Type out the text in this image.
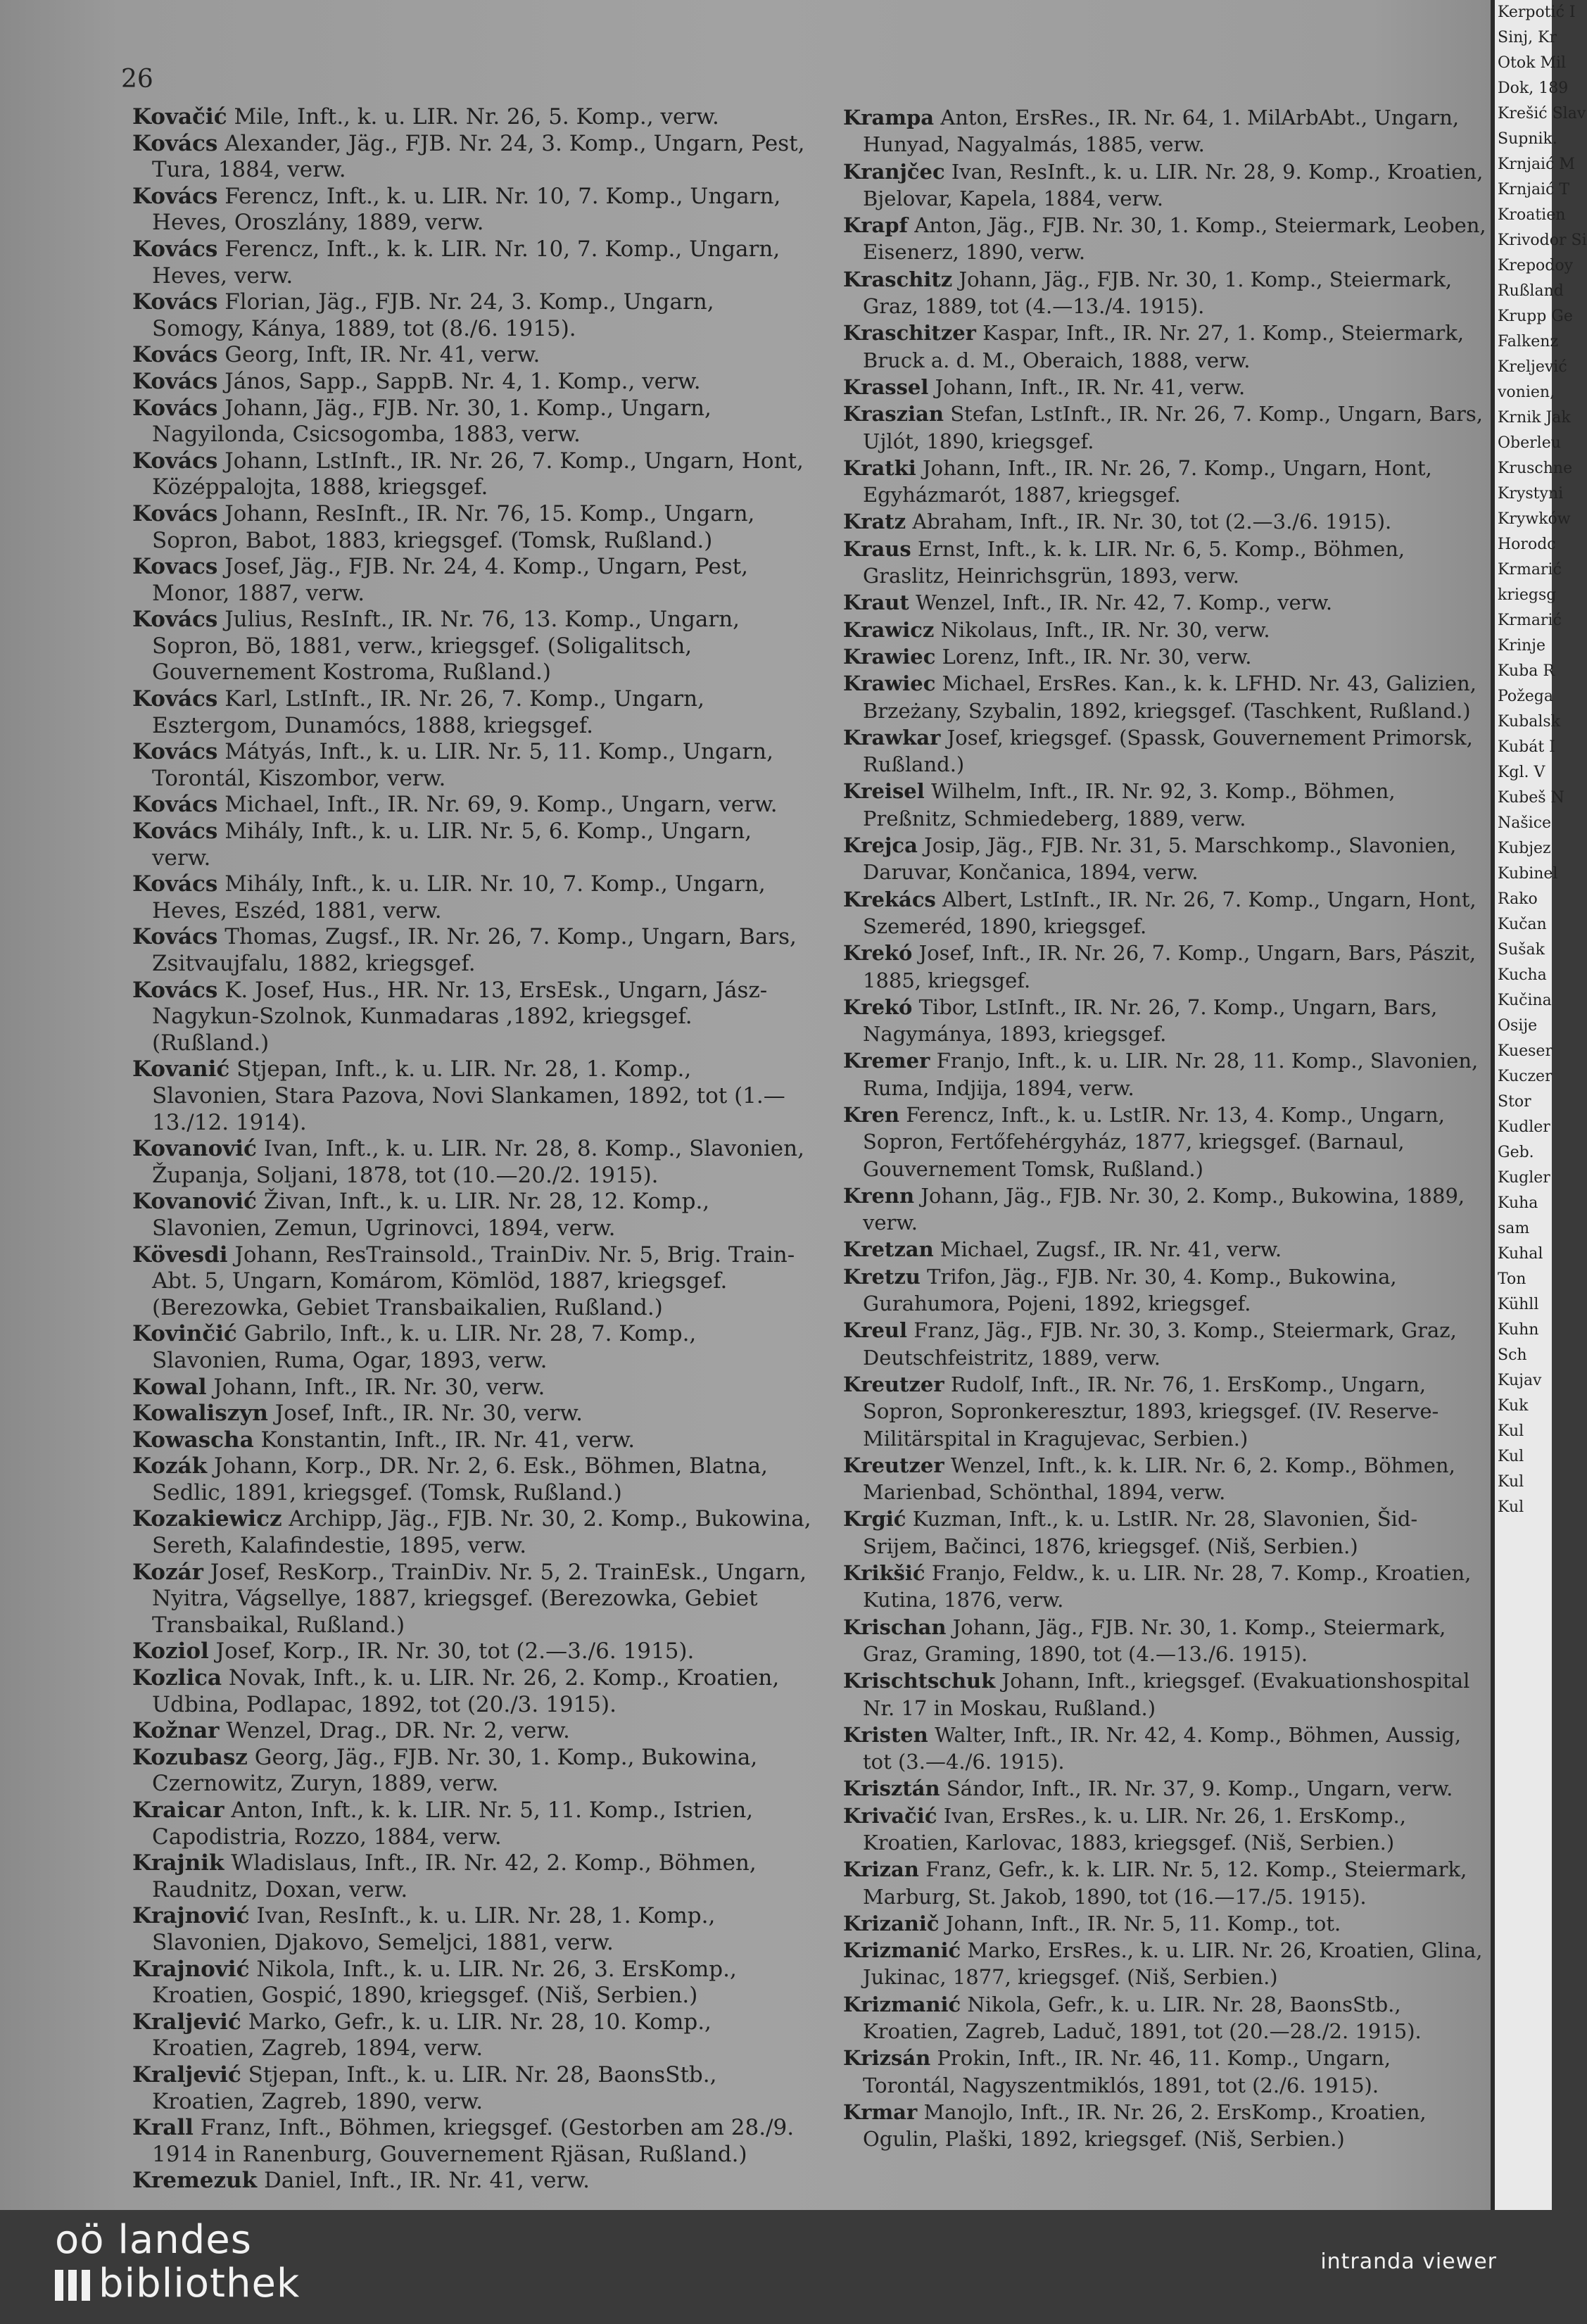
26

Kovačić Mile, Inft., k. u. LIR. Nr. 26, 5. Komp., verw.

Kovács Alexander, Jäg., FJB. Nr. 24, 3. Komp., Ungarn, Pest, Tura, 1884, verw.

Kovács Ferencz, Inft., k. u. LIR. Nr. 10, 7. Komp., Ungarn, Heves, Oroszlány, 1889, verw.

Kovács Ferencz, Inft., k. k. LIR. Nr. 10, 7. Komp., Ungarn, Heves, verw.

Kovács Florian, Jäg., FJB. Nr. 24, 3. Komp., Ungarn, Somogy, Kánya, 1889, tot (8./6. 1915).

Kovács Georg, Inft, IR. Nr. 41, verw.

Kovács János, Sapp., SappB. Nr. 4, 1. Komp., verw.

Kovács Johann, Jäg., FJB. Nr. 30, 1. Komp., Ungarn, Nagyilonda, Csicsogomba, 1883, verw.

Kovács Johann, LstInft., IR. Nr. 26, 7. Komp., Ungarn, Hont, Középpalojta, 1888, kriegsgef.

Kovács Johann, ResInft., IR. Nr. 76, 15. Komp., Ungarn, Sopron, Babot, 1883, kriegsgef. (Tomsk, Rußland.)

Kovacs Josef, Jäg., FJB. Nr. 24, 4. Komp., Ungarn, Pest, Monor, 1887, verw.

Kovács Julius, ResInft., IR. Nr. 76, 13. Komp., Ungarn, Sopron, Bö, 1881, verw., kriegsgef. (Soligalitsch, Gouvernement Kostroma, Rußland.)

Kovács Karl, LstInft., IR. Nr. 26, 7. Komp., Ungarn, Esztergom, Dunamócs, 1888, kriegsgef.

Kovács Mátyás, Inft., k. u. LIR. Nr. 5, 11. Komp., Ungarn, Torontál, Kiszombor, verw.

Kovács Michael, Inft., IR. Nr. 69, 9. Komp., Ungarn, verw.

Kovács Mihály, Inft., k. u. LIR. Nr. 5, 6. Komp., Ungarn, verw.

Kovács Mihály, Inft., k. u. LIR. Nr. 10, 7. Komp., Ungarn, Heves, Eszéd, 1881, verw.

Kovács Thomas, Zugsf., IR. Nr. 26, 7. Komp., Ungarn, Bars, Zsitvaujfalu, 1882, kriegsgef.

Kovács K. Josef, Hus., HR. Nr. 13, ErsEsk., Ungarn, Jász-Nagykun-Szolnok, Kunmadaras ,1892, kriegsgef. (Rußland.)

Kovanić Stjepan, Inft., k. u. LIR. Nr. 28, 1. Komp., Slavonien, Stara Pazova, Novi Slankamen, 1892, tot (1.—13./12. 1914).

Kovanović Ivan, Inft., k. u. LIR. Nr. 28, 8. Komp., Slavonien, Županja, Soljani, 1878, tot (10.—20./2. 1915).

Kovanović Živan, Inft., k. u. LIR. Nr. 28, 12. Komp., Slavonien, Zemun, Ugrinovci, 1894, verw.

Kövesdi Johann, ResTrainsold., TrainDiv. Nr. 5, Brig. Train-Abt. 5, Ungarn, Komárom, Kömlöd, 1887, kriegsgef. (Berezowka, Gebiet Transbaikalien, Rußland.)

Kovinčić Gabrilo, Inft., k. u. LIR. Nr. 28, 7. Komp., Slavonien, Ruma, Ogar, 1893, verw.

Kowal Johann, Inft., IR. Nr. 30, verw.

Kowaliszyn Josef, Inft., IR. Nr. 30, verw.

Kowascha Konstantin, Inft., IR. Nr. 41, verw.

Kozák Johann, Korp., DR. Nr. 2, 6. Esk., Böhmen, Blatna, Sedlic, 1891, kriegsgef. (Tomsk, Rußland.)

Kozakiewicz Archipp, Jäg., FJB. Nr. 30, 2. Komp., Bukowina, Sereth, Kalafindestie, 1895, verw.

Kozár Josef, ResKorp., TrainDiv. Nr. 5, 2. TrainEsk., Ungarn, Nyitra, Vágsellye, 1887, kriegsgef. (Berezowka, Gebiet Transbaikal, Rußland.)

Koziol Josef, Korp., IR. Nr. 30, tot (2.—3./6. 1915).

Kozlica Novak, Inft., k. u. LIR. Nr. 26, 2. Komp., Kroatien, Udbina, Podlapac, 1892, tot (20./3. 1915).

Kožnar Wenzel, Drag., DR. Nr. 2, verw.

Kozubasz Georg, Jäg., FJB. Nr. 30, 1. Komp., Bukowina, Czernowitz, Zuryn, 1889, verw.

Kraicar Anton, Inft., k. k. LIR. Nr. 5, 11. Komp., Istrien, Capodistria, Rozzo, 1884, verw.

Krajnik Wladislaus, Inft., IR. Nr. 42, 2. Komp., Böhmen, Raudnitz, Doxan, verw.

Krajnović Ivan, ResInft., k. u. LIR. Nr. 28, 1. Komp., Slavonien, Djakovo, Semeljci, 1881, verw.

Krajnović Nikola, Inft., k. u. LIR. Nr. 26, 3. ErsKomp., Kroatien, Gospić, 1890, kriegsgef. (Niš, Serbien.)

Kraljević Marko, Gefr., k. u. LIR. Nr. 28, 10. Komp., Kroatien, Zagreb, 1894, verw.

Kraljević Stjepan, Inft., k. u. LIR. Nr. 28, BaonsStb., Kroatien, Zagreb, 1890, verw.

Krall Franz, Inft., Böhmen, kriegsgef. (Gestorben am 28./9. 1914 in Ranenburg, Gouvernement Rjäsan, Rußland.)

Kremezuk Daniel, Inft., IR. Nr. 41, verw.

Krampa Anton, ErsRes., IR. Nr. 64, 1. MilArbAbt., Ungarn, Hunyad, Nagyalmás, 1885, verw.

Kranjčec Ivan, ResInft., k. u. LIR. Nr. 28, 9. Komp., Kroatien, Bjelovar, Kapela, 1884, verw.

Krapf Anton, Jäg., FJB. Nr. 30, 1. Komp., Steiermark, Leoben, Eisenerz, 1890, verw.

Kraschitz Johann, Jäg., FJB. Nr. 30, 1. Komp., Steiermark, Graz, 1889, tot (4.—13./4. 1915).

Kraschitzer Kaspar, Inft., IR. Nr. 27, 1. Komp., Steiermark, Bruck a. d. M., Oberaich, 1888, verw.

Krassel Johann, Inft., IR. Nr. 41, verw.

Kraszian Stefan, LstInft., IR. Nr. 26, 7. Komp., Ungarn, Bars, Ujlót, 1890, kriegsgef.

Kratki Johann, Inft., IR. Nr. 26, 7. Komp., Ungarn, Hont, Egyházmarót, 1887, kriegsgef.

Kratz Abraham, Inft., IR. Nr. 30, tot (2.—3./6. 1915).

Kraus Ernst, Inft., k. k. LIR. Nr. 6, 5. Komp., Böhmen, Graslitz, Heinrichsgrün, 1893, verw.

Kraut Wenzel, Inft., IR. Nr. 42, 7. Komp., verw.

Krawicz Nikolaus, Inft., IR. Nr. 30, verw.

Krawiec Lorenz, Inft., IR. Nr. 30, verw.

Krawiec Michael, ErsRes. Kan., k. k. LFHD. Nr. 43, Galizien, Brzeżany, Szybalin, 1892, kriegsgef. (Taschkent, Rußland.)

Krawkar Josef, kriegsgef. (Spassk, Gouvernement Primorsk, Rußland.)

Kreisel Wilhelm, Inft., IR. Nr. 92, 3. Komp., Böhmen, Preßnitz, Schmiedeberg, 1889, verw.

Krejca Josip, Jäg., FJB. Nr. 31, 5. Marschkomp., Slavonien, Daruvar, Končanica, 1894, verw.

Krekács Albert, LstInft., IR. Nr. 26, 7. Komp., Ungarn, Hont, Szemeréd, 1890, kriegsgef.

Krekó Josef, Inft., IR. Nr. 26, 7. Komp., Ungarn, Bars, Pászit, 1885, kriegsgef.

Krekó Tibor, LstInft., IR. Nr. 26, 7. Komp., Ungarn, Bars, Nagymánya, 1893, kriegsgef.

Kremer Franjo, Inft., k. u. LIR. Nr. 28, 11. Komp., Slavonien, Ruma, Indjija, 1894, verw.

Kren Ferencz, Inft., k. u. LstIR. Nr. 13, 4. Komp., Ungarn, Sopron, Fertőfehérgyház, 1877, kriegsgef. (Barnaul, Gouvernement Tomsk, Rußland.)

Krenn Johann, Jäg., FJB. Nr. 30, 2. Komp., Bukowina, 1889, verw.

Kretzan Michael, Zugsf., IR. Nr. 41, verw.

Kretzu Trifon, Jäg., FJB. Nr. 30, 4. Komp., Bukowina, Gurahumora, Pojeni, 1892, kriegsgef.

Kreul Franz, Jäg., FJB. Nr. 30, 3. Komp., Steiermark, Graz, Deutschfeistritz, 1889, verw.

Kreutzer Rudolf, Inft., IR. Nr. 76, 1. ErsKomp., Ungarn, Sopron, Sopronkeresztur, 1893, kriegsgef. (IV. Reserve-Militärspital in Kragujevac, Serbien.)

Kreutzer Wenzel, Inft., k. k. LIR. Nr. 6, 2. Komp., Böhmen, Marienbad, Schönthal, 1894, verw.

Krgić Kuzman, Inft., k. u. LstIR. Nr. 28, Slavonien, Šid-Srijem, Bačinci, 1876, kriegsgef. (Niš, Serbien.)

Krikšić Franjo, Feldw., k. u. LIR. Nr. 28, 7. Komp., Kroatien, Kutina, 1876, verw.

Krischan Johann, Jäg., FJB. Nr. 30, 1. Komp., Steiermark, Graz, Graming, 1890, tot (4.—13./6. 1915).

Krischtschuk Johann, Inft., kriegsgef. (Evakuationshospital Nr. 17 in Moskau, Rußland.)

Kristen Walter, Inft., IR. Nr. 42, 4. Komp., Böhmen, Aussig, tot (3.—4./6. 1915).

Krisztán Sándor, Inft., IR. Nr. 37, 9. Komp., Ungarn, verw.

Krivačić Ivan, ErsRes., k. u. LIR. Nr. 26, 1. ErsKomp., Kroatien, Karlovac, 1883, kriegsgef. (Niš, Serbien.)

Krizan Franz, Gefr., k. k. LIR. Nr. 5, 12. Komp., Steiermark, Marburg, St. Jakob, 1890, tot (16.—17./5. 1915).

Krizanič Johann, Inft., IR. Nr. 5, 11. Komp., tot.

Krizmanić Marko, ErsRes., k. u. LIR. Nr. 26, Kroatien, Glina, Jukinac, 1877, kriegsgef. (Niš, Serbien.)

Krizmanić Nikola, Gefr., k. u. LIR. Nr. 28, BaonsStb., Kroatien, Zagreb, Laduč, 1891, tot (20.—28./2. 1915).

Krizsán Prokin, Inft., IR. Nr. 46, 11. Komp., Ungarn, Torontál, Nagyszentmiklós, 1891, tot (2./6. 1915).

Krmar Manojlo, Inft., IR. Nr. 26, 2. ErsKomp., Kroatien, Ogulin, Plaški, 1892, kriegsgef. (Niš, Serbien.)

Kerpotić I
Sinj, Kr
Otok Mil
Dok, 189
Krešić Slav
Supnik.
Krnjaić M
Krnjaić T
Kroatien
Krivodor Si
Krepodoy
Rußland
Krupp Ge
Falkenz
Kreljević
vonien,
Krnik Jak
Oberleu
Kruschne
Krystyni
Krywków
Horodc
Krmarić
kriegsg
Krmarić
Krinje
Kuba R
Požega
Kubalsk
Kubát I
Kgl. V
Kubeš N
Našice
Kubjez
Kubinel
Rako
Kučan
Sušak
Kucha
Kučina
Osije
Kueser
Kuczer
Stor
Kudler
Geb.
Kugler
Kuha
sam
Kuhal
Ton
Kühll
Kuhn
Sch
Kujav
Kuk
Kul
Kul
Kul
Kul
oö landes
bibliothek	intranda viewer
